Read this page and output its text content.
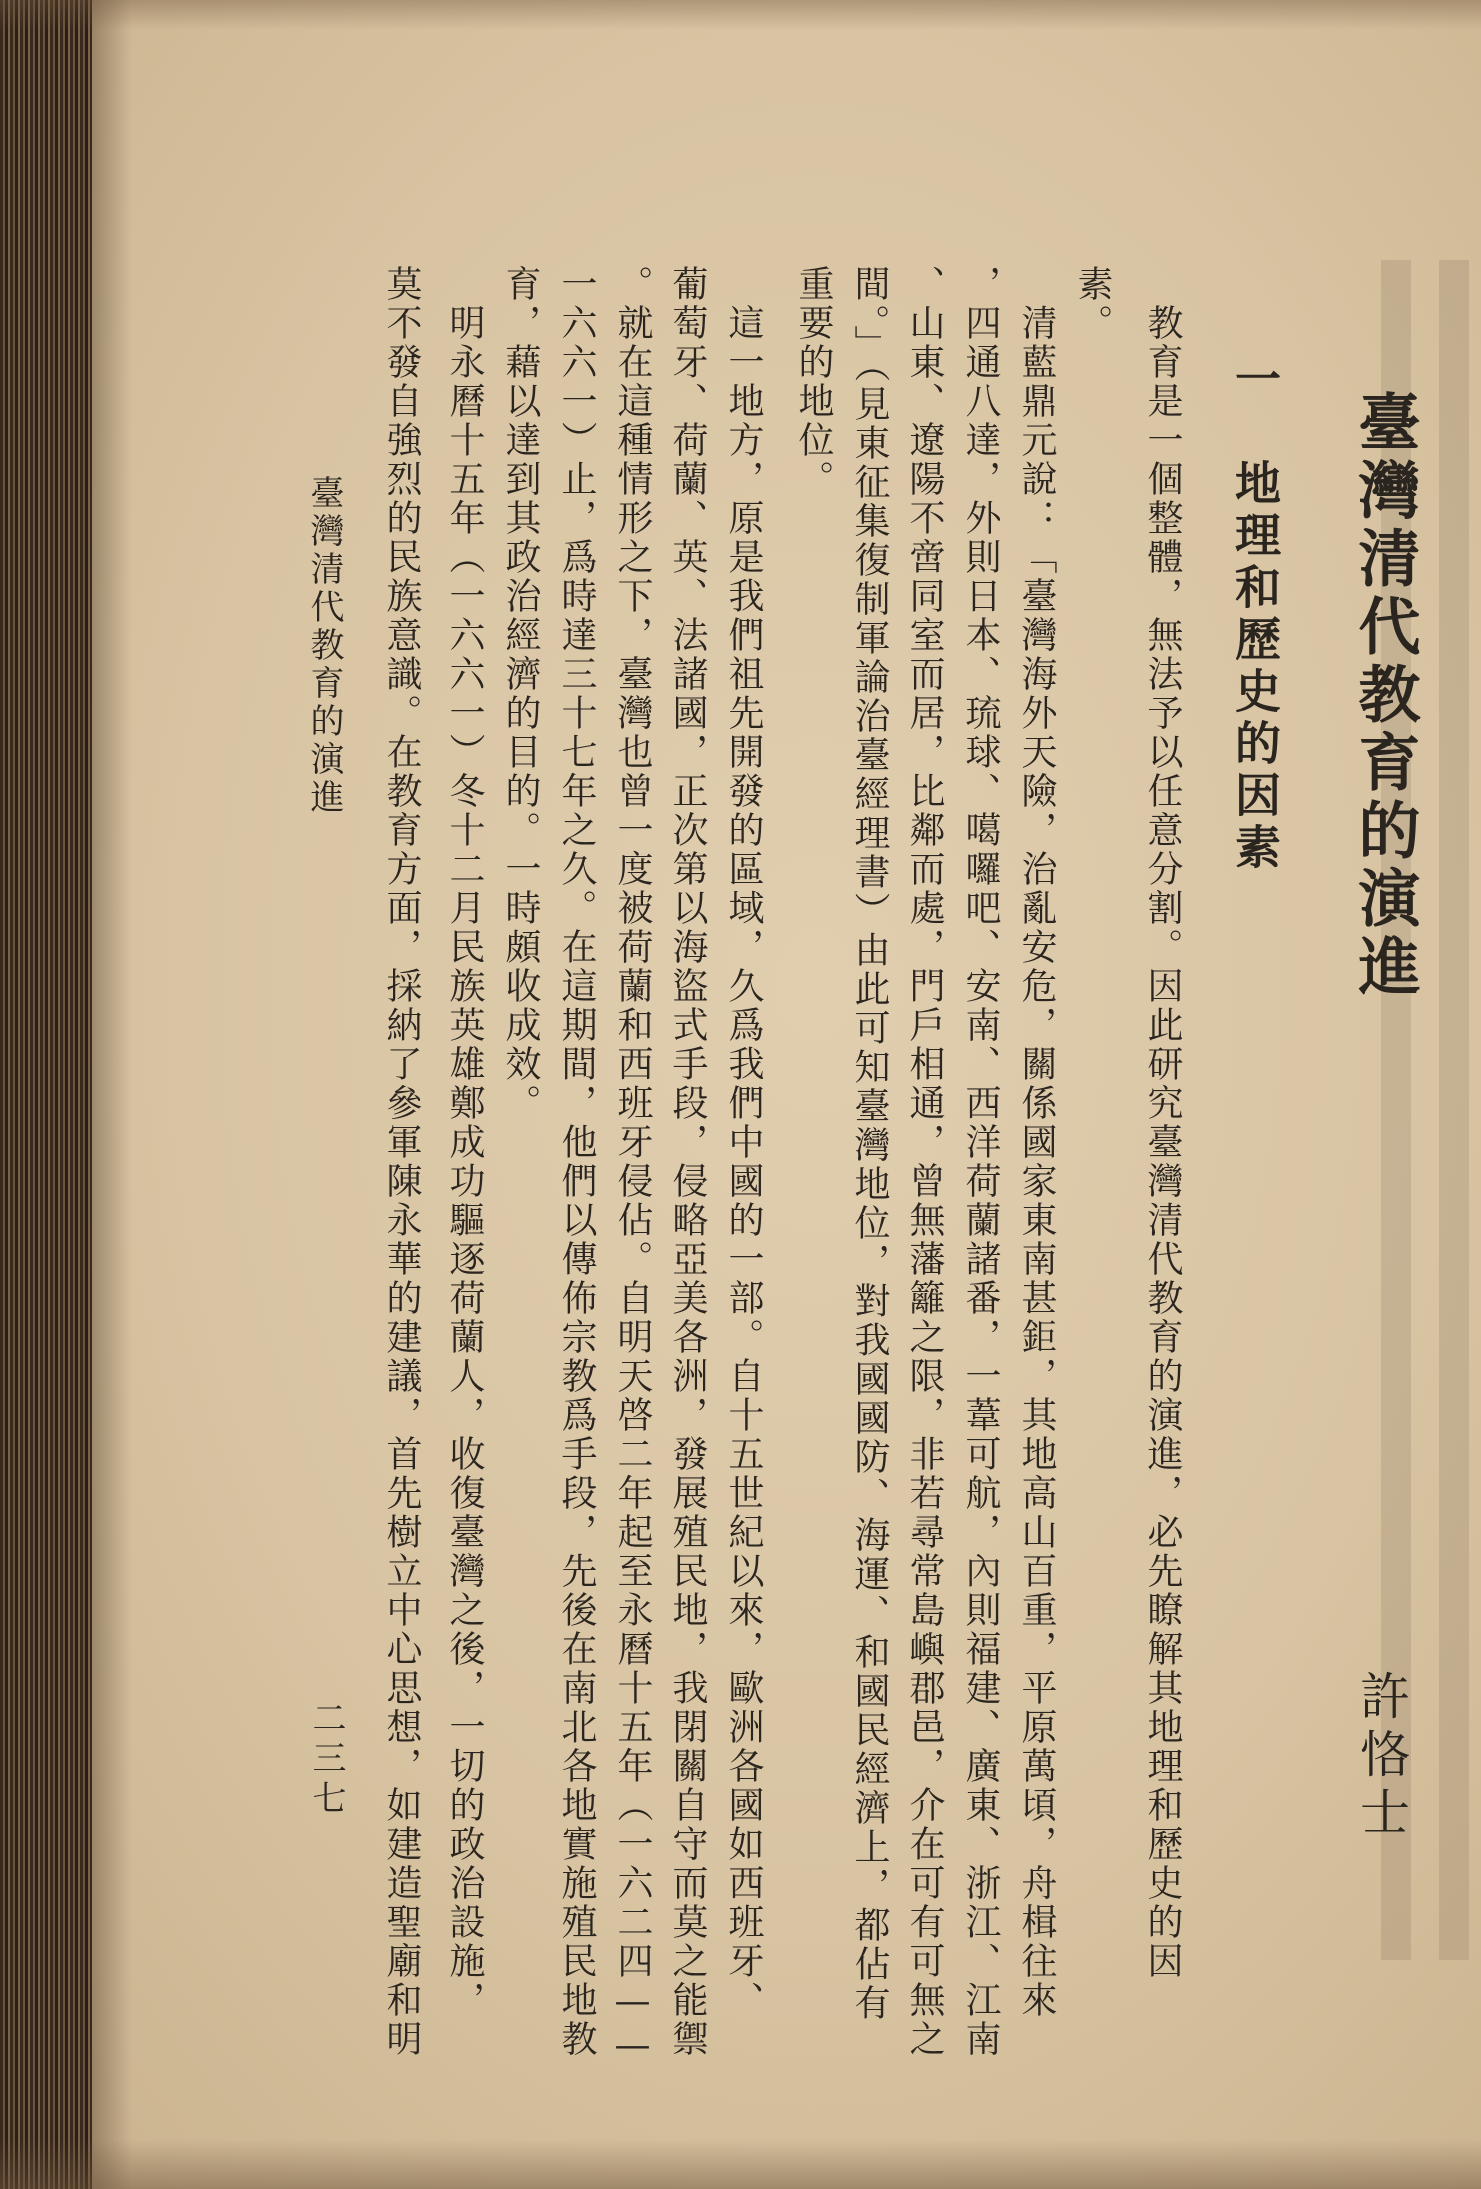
臺灣清代教育的演進
許恪士
一　地理和歷史的因素
　教育是一個整體，無法予以任意分割。因此研究臺灣清代教育的演進，必先瞭解其地理和歷史的因
素。
　清藍鼎元說：「臺灣海外天險，治亂安危，關係國家東南甚鉅，其地高山百重，平原萬頃，舟楫往來
，四通八達，外則日本、琉球、噶囉吧、安南、西洋荷蘭諸番，一葦可航，內則福建、廣東、浙江、江南
、山東、遼陽不啻同室而居，比鄰而處，門戶相通，曾無藩籬之限，非若尋常島嶼郡邑，介在可有可無之
間。」（見東征集復制軍論治臺經理書）由此可知臺灣地位，對我國國防、海運、和國民經濟上，都佔有
重要的地位。
　這一地方，原是我們祖先開發的區域，久爲我們中國的一部。自十五世紀以來，歐洲各國如西班牙、
葡萄牙、荷蘭、英、法諸國，正次第以海盜式手段，侵略亞美各洲，發展殖民地，我閉關自守而莫之能禦
。就在這種情形之下，臺灣也曾一度被荷蘭和西班牙侵佔。自明天啓二年起至永曆十五年（一六二四——
一六六一）止，爲時達三十七年之久。在這期間，他們以傳佈宗教爲手段，先後在南北各地實施殖民地教
育，藉以達到其政治經濟的目的。一時頗收成效。
　明永曆十五年（一六六一）冬十二月民族英雄鄭成功驅逐荷蘭人，收復臺灣之後，一切的政治設施，
莫不發自強烈的民族意識。在教育方面，採納了參軍陳永華的建議，首先樹立中心思想，如建造聖廟和明
臺灣清代教育的演進
二三七
